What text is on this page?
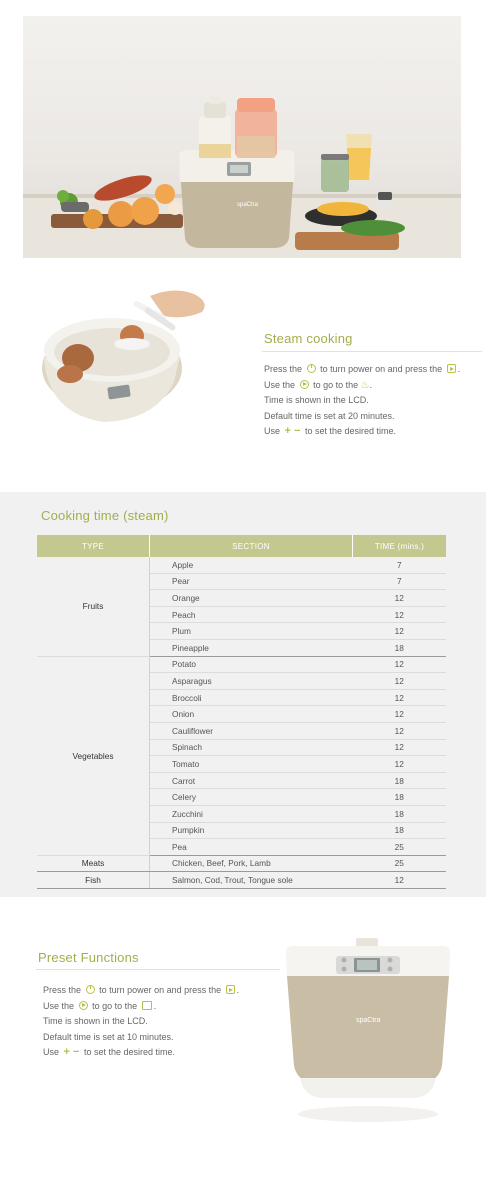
spaCtra
Steam cooking
Press the to turn power on and press the .
Use the to go to the ♨.
Time is shown in the LCD.
Default time is set at 20 minutes.
Use + − to set the desired time.
Cooking time (steam)
TYPE	SECTION	TIME (mins.)
Fruits	Apple	7
	Pear	7
	Orange	12
	Peach	12
	Plum	12
	Pineapple	18
Vegetables	Potato	12
	Asparagus	12
	Broccoli	12
	Onion	12
	Cauliflower	12
	Spinach	12
	Tomato	12
	Carrot	18
	Celery	18
	Zucchini	18
	Pumpkin	18
	Pea	25
Meats	Chicken, Beef, Pork, Lamb	25
Fish	Salmon, Cod, Trout, Tongue sole	12
Preset Functions
Press the to turn power on and press the .
Use the to go to the .
Time is shown in the LCD.
Default time is set at 10 minutes.
Use + − to set the desired time.
spaCtra
